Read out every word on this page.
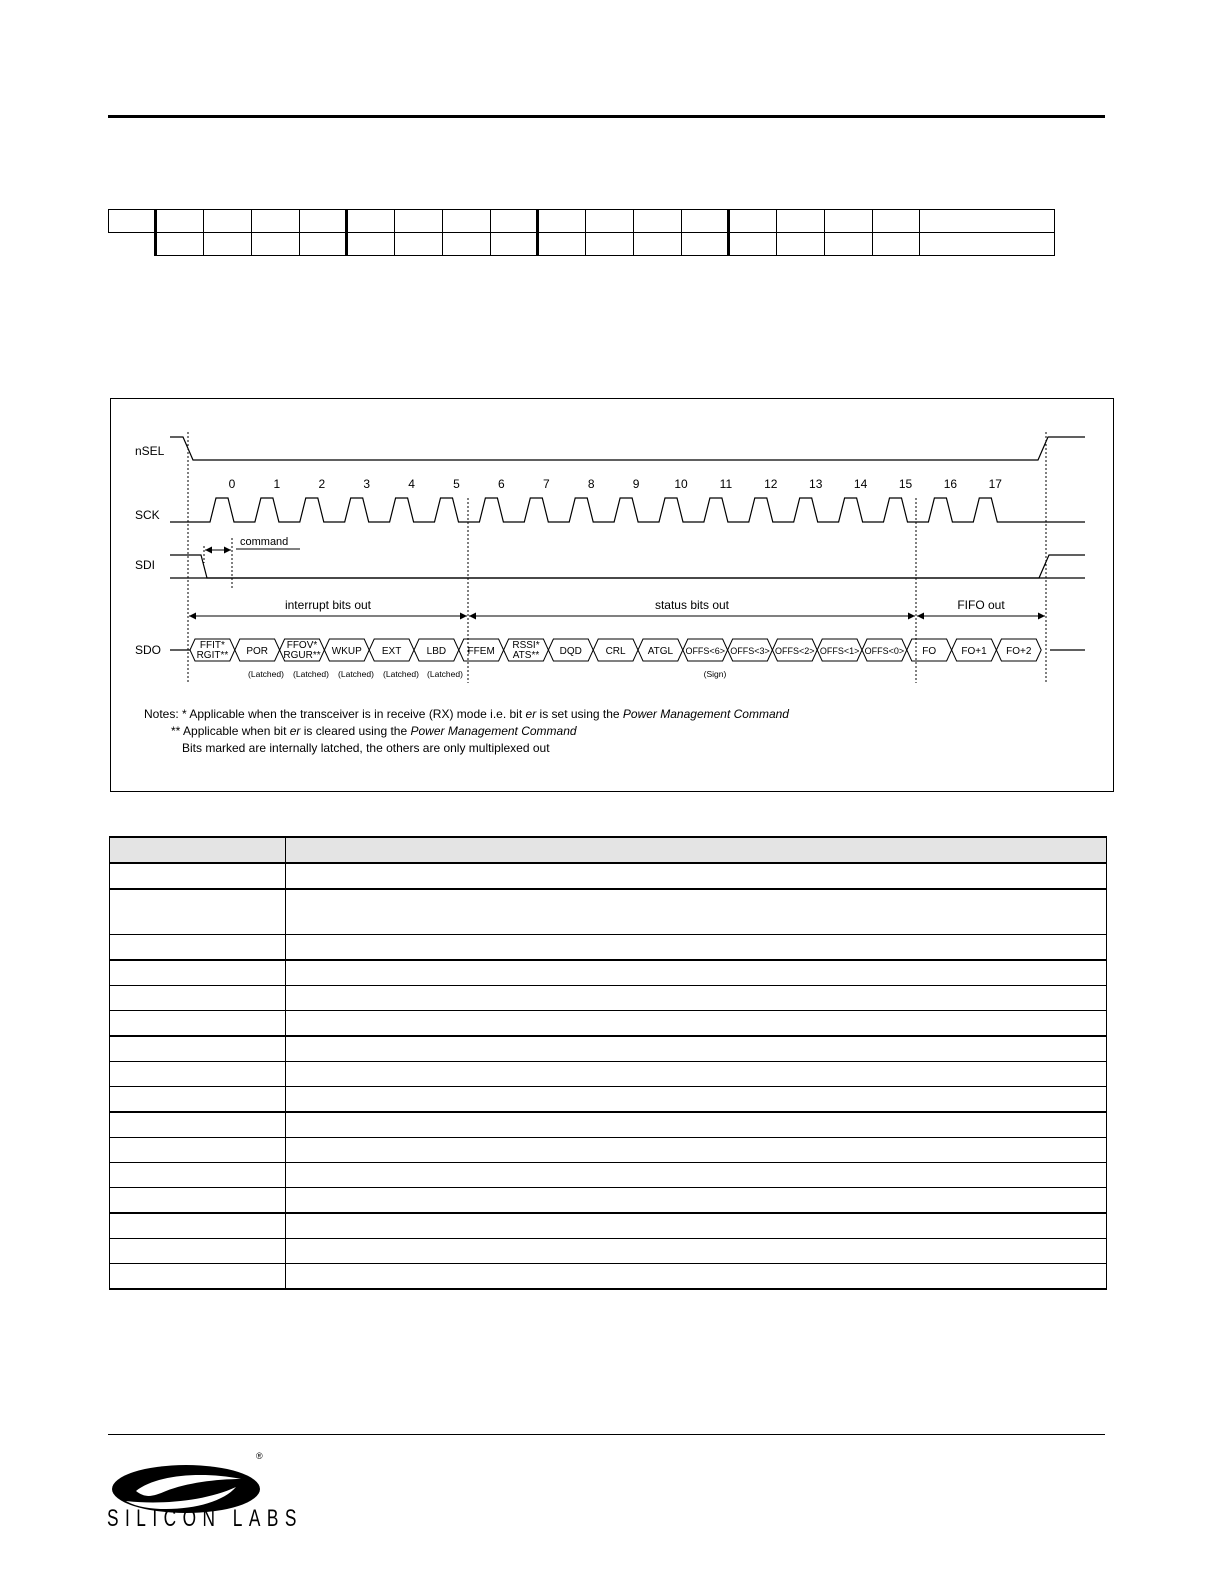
nSEL
SCK
SDI
SDO
0	1	2	3	4	5	6	7	8	9	10	11	12	13	14	15	16	17
command
interrupt bits out	status bits out	FIFO out
FFIT*
RGIT** POR
FFOV*
RGUR** WKUP EXT	LBD FFEM
RSSI*
ATS** DQD CRL ATGL OFFS<6> OFFS<3> OFFS<2> OFFS<1> OFFS<0> FO	FO+1 FO+2
(Latched) (Latched) (Latched) (Latched) (Latched)	(Sign)
Notes: * Applicable when the transceiver is in receive (RX) mode i.e. bit er is set using the Power Management Command
** Applicable when bit er is cleared using the Power Management Command
Bits marked are internally latched, the others are only multiplexed out

®
SILICON LABS
